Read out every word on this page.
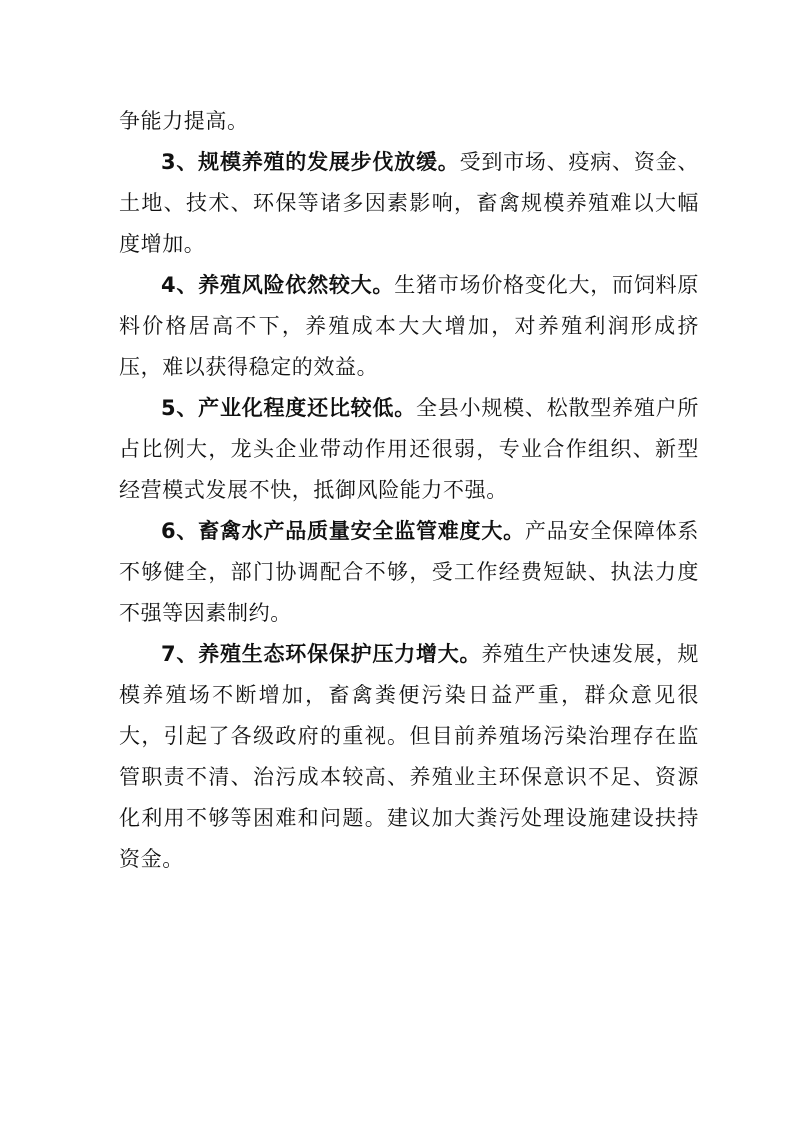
争能力提高。

3、规模养殖的发展步伐放缓。受到市场、疫病、资金、土地、技术、环保等诸多因素影响，畜禽规模养殖难以大幅度增加。

4、养殖风险依然较大。生猪市场价格变化大，而饲料原料价格居高不下，养殖成本大大增加，对养殖利润形成挤压，难以获得稳定的效益。

5、产业化程度还比较低。全县小规模、松散型养殖户所占比例大，龙头企业带动作用还很弱，专业合作组织、新型经营模式发展不快，抵御风险能力不强。

6、畜禽水产品质量安全监管难度大。产品安全保障体系不够健全，部门协调配合不够，受工作经费短缺、执法力度不强等因素制约。

7、养殖生态环保保护压力增大。养殖生产快速发展，规模养殖场不断增加，畜禽粪便污染日益严重，群众意见很大，引起了各级政府的重视。但目前养殖场污染治理存在监管职责不清、治污成本较高、养殖业主环保意识不足、资源化利用不够等困难和问题。建议加大粪污处理设施建设扶持资金。
